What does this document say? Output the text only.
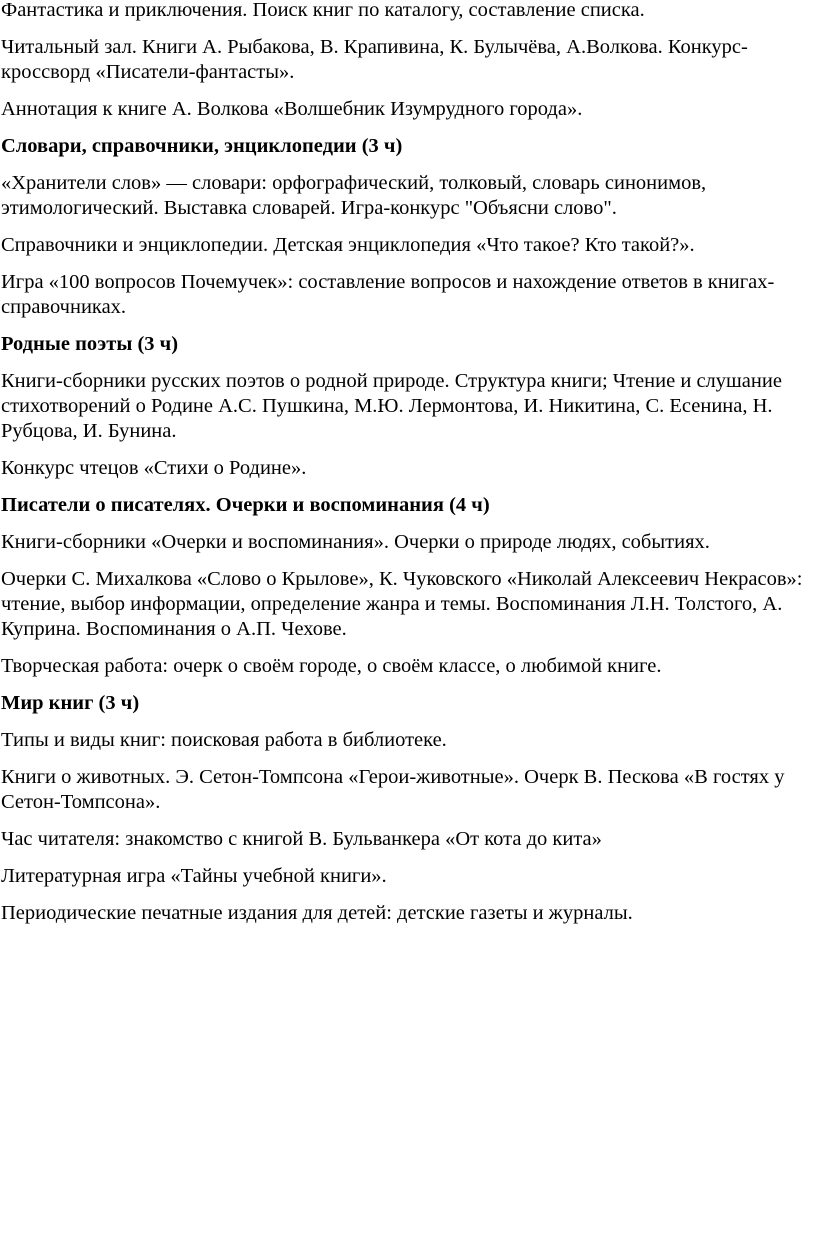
Фантастика и приключения. Поиск книг по каталогу, составление списка.

Читальный зал. Книги А. Рыбакова, В. Крапивина, К. Булычёва, А.Волкова. Конкурс-кроссворд «Писатели-фантасты».

Аннотация к книге А. Волкова «Волшебник Изумрудного города».

Словари, справочники, энциклопедии (3 ч)

«Хранители слов» — словари: орфографический, толковый, словарь синонимов, этимологический. Выставка словарей. Игра-конкурс "Объясни слово".

Справочники и энциклопедии. Детская энциклопедия «Что такое? Кто такой?».

Игра «100 вопросов Почемучек»: составление вопросов и нахождение ответов в книгах-справочниках.

Родные поэты (3 ч)

Книги-сборники русских поэтов о родной природе. Структура книги; Чтение и слушание стихотворений о Родине А.С. Пушкина, М.Ю. Лермонтова, И. Никитина, С. Есенина, Н. Рубцова, И. Бунина.

Конкурс чтецов «Стихи о Родине».

Писатели о писателях. Очерки и воспоминания (4 ч)

Книги-сборники «Очерки и воспоминания». Очерки о природе людях, событиях.

Очерки С. Михалкова «Слово о Крылове», К. Чуковского «Николай Алексеевич Некрасов»: чтение, выбор информации, определение жанра и темы. Воспоминания Л.Н. Толстого, А. Куприна. Воспоминания о А.П. Чехове.

Творческая работа: очерк о своём городе, о своём классе, о любимой книге.

Мир книг (3 ч)

Типы и виды книг: поисковая работа в библиотеке.

Книги о животных. Э. Сетон-Томпсона «Герои-животные». Очерк В. Пескова «В гостях у Сетон-Томпсона».

Час читателя: знакомство с книгой В. Бульванкера «От кота до кита»

Литературная игра «Тайны учебной книги».

Периодические печатные издания для детей: детские газеты и журналы.
